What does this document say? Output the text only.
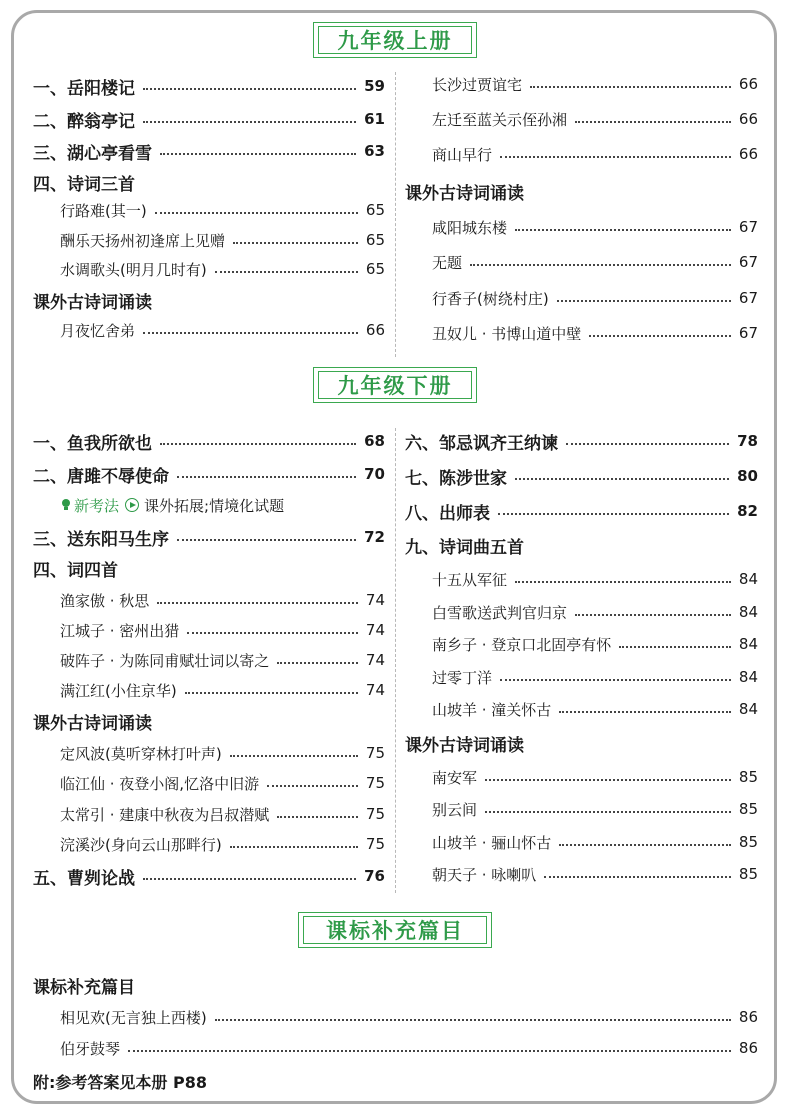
九年级上册
九年级下册
课标补充篇目
一、岳阳楼记	59
二、醉翁亭记	61
三、湖心亭看雪	63
四、诗词三首
行路难(其一)	65
酬乐天扬州初逢席上见赠	65
水调歌头(明月几时有)	65
课外古诗词诵读
月夜忆舍弟	66
长沙过贾谊宅	66
左迁至蓝关示侄孙湘	66
商山早行	66
课外古诗词诵读
咸阳城东楼	67
无题	67
行香子(树绕村庄)	67
丑奴儿 · 书博山道中壁	67
一、鱼我所欲也	68
二、唐雎不辱使命	70
新考法 课外拓展;情境化试题
三、送东阳马生序	72
四、词四首
渔家傲 · 秋思	74
江城子 · 密州出猎	74
破阵子 · 为陈同甫赋壮词以寄之	74
满江红(小住京华)	74
课外古诗词诵读
定风波(莫听穿林打叶声)	75
临江仙 · 夜登小阁,忆洛中旧游	75
太常引 · 建康中秋夜为吕叔潜赋	75
浣溪沙(身向云山那畔行)	75
五、曹刿论战	76
六、邹忌讽齐王纳谏	78
七、陈涉世家	80
八、出师表	82
九、诗词曲五首
十五从军征	84
白雪歌送武判官归京	84
南乡子 · 登京口北固亭有怀	84
过零丁洋	84
山坡羊 · 潼关怀古	84
课外古诗词诵读
南安军	85
别云间	85
山坡羊 · 骊山怀古	85
朝天子 · 咏喇叭	85
课标补充篇目
相见欢(无言独上西楼)	86
伯牙鼓琴	86
附:参考答案见本册 P88
